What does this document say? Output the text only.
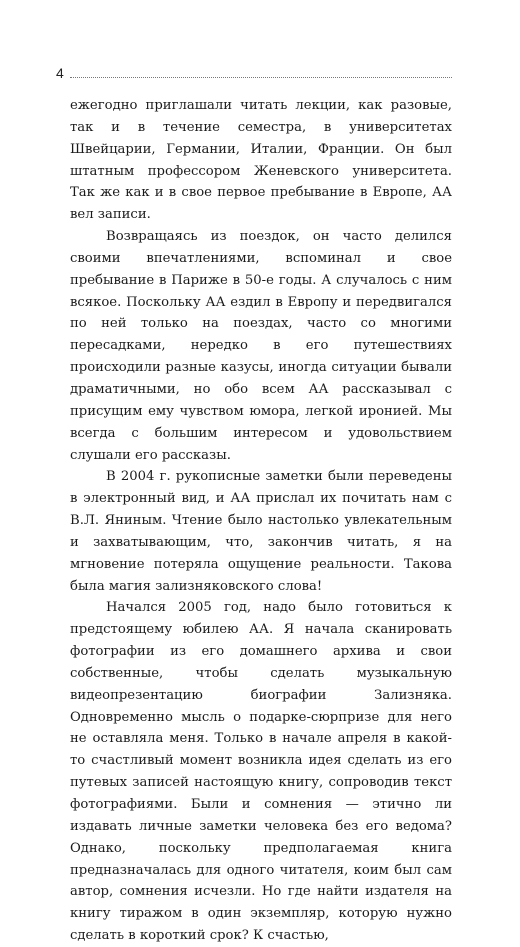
4

ежегодно приглашали читать лекции, как разовые, так и в течение семестра, в университетах Швейцарии, Германии, Италии, Франции. Он был штатным профессором Женевского университета. Так же как и в свое первое пребывание в Европе, АА вел записи.

Возвращаясь из поездок, он часто делился своими впечатлениями, вспоминал и свое пребывание в Париже в 50-е годы. А случалось с ним всякое. Поскольку АА ездил в Европу и передвигался по ней только на поездах, часто со многими пересадками, нередко в его путешествиях происходили разные казусы, иногда ситуации бывали драматичными, но обо всем АА рассказывал с присущим ему чувством юмора, легкой иронией. Мы всегда с большим интересом и удовольствием слушали его рассказы.

В 2004 г. рукописные заметки были переведены в электронный вид, и АА прислал их почитать нам с В.Л. Яниным. Чтение было настолько увлекательным и захватывающим, что, закончив читать, я на мгновение потеряла ощущение реальности. Такова была магия зализняковского слова!

Начался 2005 год, надо было готовиться к предстоящему юбилею АА. Я начала сканировать фотографии из его домашнего архива и свои собственные, чтобы сделать музыкальную видеопрезентацию биографии Зализняка. Одновременно мысль о подарке-сюрпризе для него не оставляла меня. Только в начале апреля в какой-то счастливый момент возникла идея сделать из его путевых записей настоящую книгу, сопроводив текст фотографиями. Были и сомнения — этично ли издавать личные заметки человека без его ведома? Однако, поскольку предполагаемая книга предназначалась для одного читателя, коим был сам автор, сомнения исчезли. Но где найти издателя на книгу тиражом в один экземпляр, которую нужно сделать в короткий срок? К счастью,
